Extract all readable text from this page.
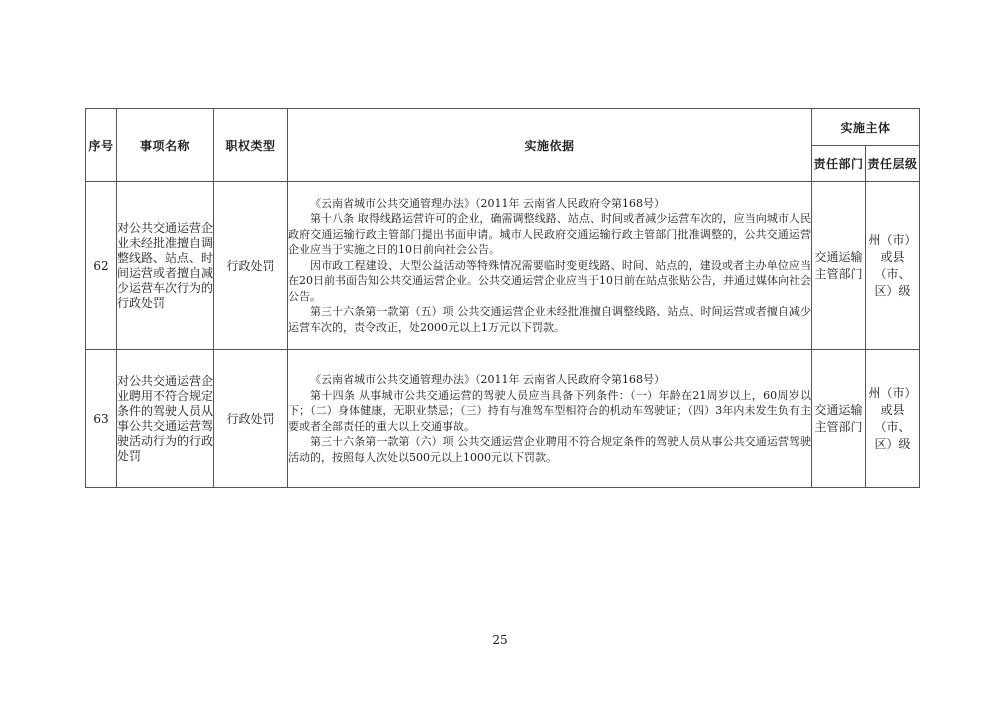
序号	事项名称	职权类型	实施依据	实施主体	
				责任部门	责任层级
62	对公共交通运营企业未经批准擅自调整线路、站点、时间运营或者擅自减少运营车次行为的行政处罚	行政处罚	《云南省城市公共交通管理办法》（2011年 云南省人民政府令第168号）

第十八条 取得线路运营许可的企业，确需调整线路、站点、时间或者减少运营车次的，应当向城市人民政府交通运输行政主管部门提出书面申请。城市人民政府交通运输行政主管部门批准调整的，公共交通运营企业应当于实施之日的10日前向社会公告。

因市政工程建设、大型公益活动等特殊情况需要临时变更线路、时间、站点的，建设或者主办单位应当在20日前书面告知公共交通运营企业。公共交通运营企业应当于10日前在站点张贴公告，并通过媒体向社会公告。

第三十六条第一款第（五）项 公共交通运营企业未经批准擅自调整线路、站点、时间运营或者擅自减少运营车次的，责令改正，处2000元以上1万元以下罚款。	交通运输主管部门	州（市）或县（市、区）级
63	对公共交通运营企业聘用不符合规定条件的驾驶人员从事公共交通运营驾驶活动行为的行政处罚	行政处罚	《云南省城市公共交通管理办法》（2011年 云南省人民政府令第168号）

第十四条 从事城市公共交通运营的驾驶人员应当具备下列条件：（一）年龄在21周岁以上，60周岁以下；（二）身体健康，无职业禁忌；（三）持有与准驾车型相符合的机动车驾驶证；（四）3年内未发生负有主要或者全部责任的重大以上交通事故。

第三十六条第一款第（六）项 公共交通运营企业聘用不符合规定条件的驾驶人员从事公共交通运营驾驶活动的，按照每人次处以500元以上1000元以下罚款。	交通运输主管部门	州（市）或县（市、区）级
25
